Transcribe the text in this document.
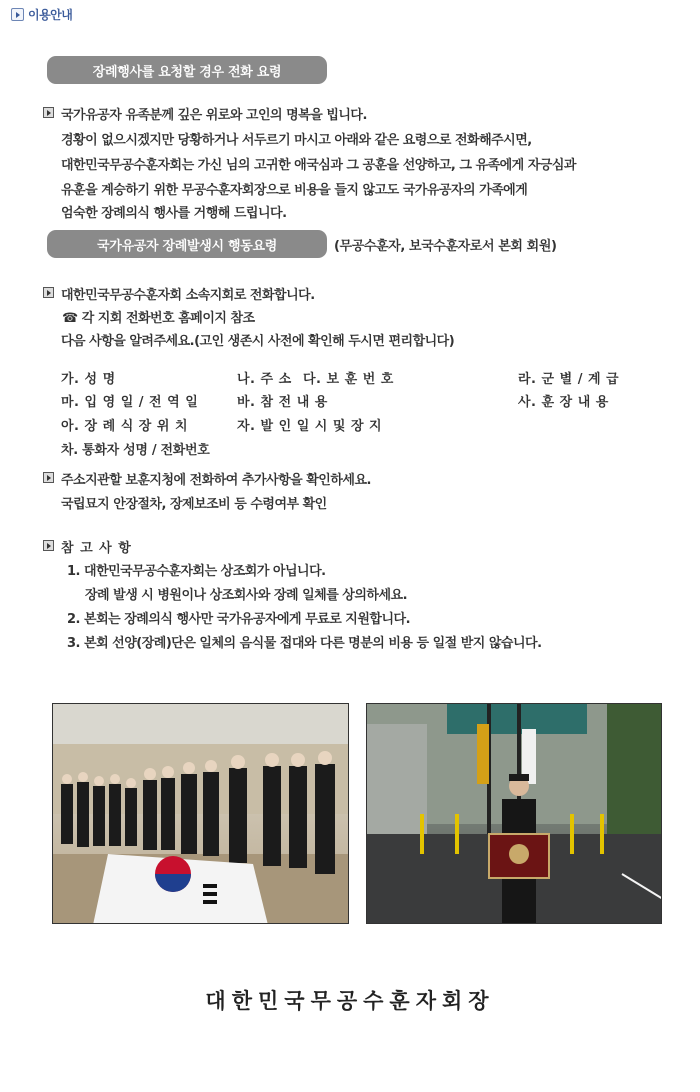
이용안내
장례행사를 요청할 경우 전화 요령
국가유공자 유족분께 깊은 위로와 고인의 명복을 빕니다.
경황이 없으시겠지만 당황하거나 서두르기 마시고 아래와 같은 요령으로 전화해주시면,
대한민국무공수훈자회는 가신 님의 고귀한 애국심과 그 공훈을 선양하고, 그 유족에게 자긍심과
유훈을 계승하기 위한 무공수훈자회장으로 비용을 들지 않고도 국가유공자의 가족에게
엄숙한 장례의식 행사를 거행해 드립니다.
국가유공자 장례발생시 행동요령	(무공수훈자, 보국수훈자로서 본회 회원)
대한민국무공수훈자회 소속지회로 전화합니다.
☎ 각 지회 전화번호 홈페이지 참조
다음 사항을 알려주세요.(고인 생존시 사전에 확인해 두시면 편리합니다)
가. 성 명	나. 주 소 다. 보 훈 번 호	라. 군 별 / 계 급
마. 입 영 일 / 전 역 일	바. 참 전 내 용	사. 훈 장 내 용
아. 장 례 식 장 위 치	자. 발 인 일 시 및 장 지
차. 통화자 성명 / 전화번호
주소지관할 보훈지청에 전화하여 추가사항을 확인하세요.
국립묘지 안장절차, 장제보조비 등 수령여부 확인
참 고 사 항
1. 대한민국무공수훈자회는 상조회가 아닙니다.
장례 발생 시 병원이나 상조회사와 장례 일체를 상의하세요.
2. 본회는 장례의식 행사만 국가유공자에게 무료로 지원합니다.
3. 본회 선양(장례)단은 일체의 음식물 접대와 다른 명분의 비용 등 일절 받지 않습니다.
대한민국무공수훈자회장
